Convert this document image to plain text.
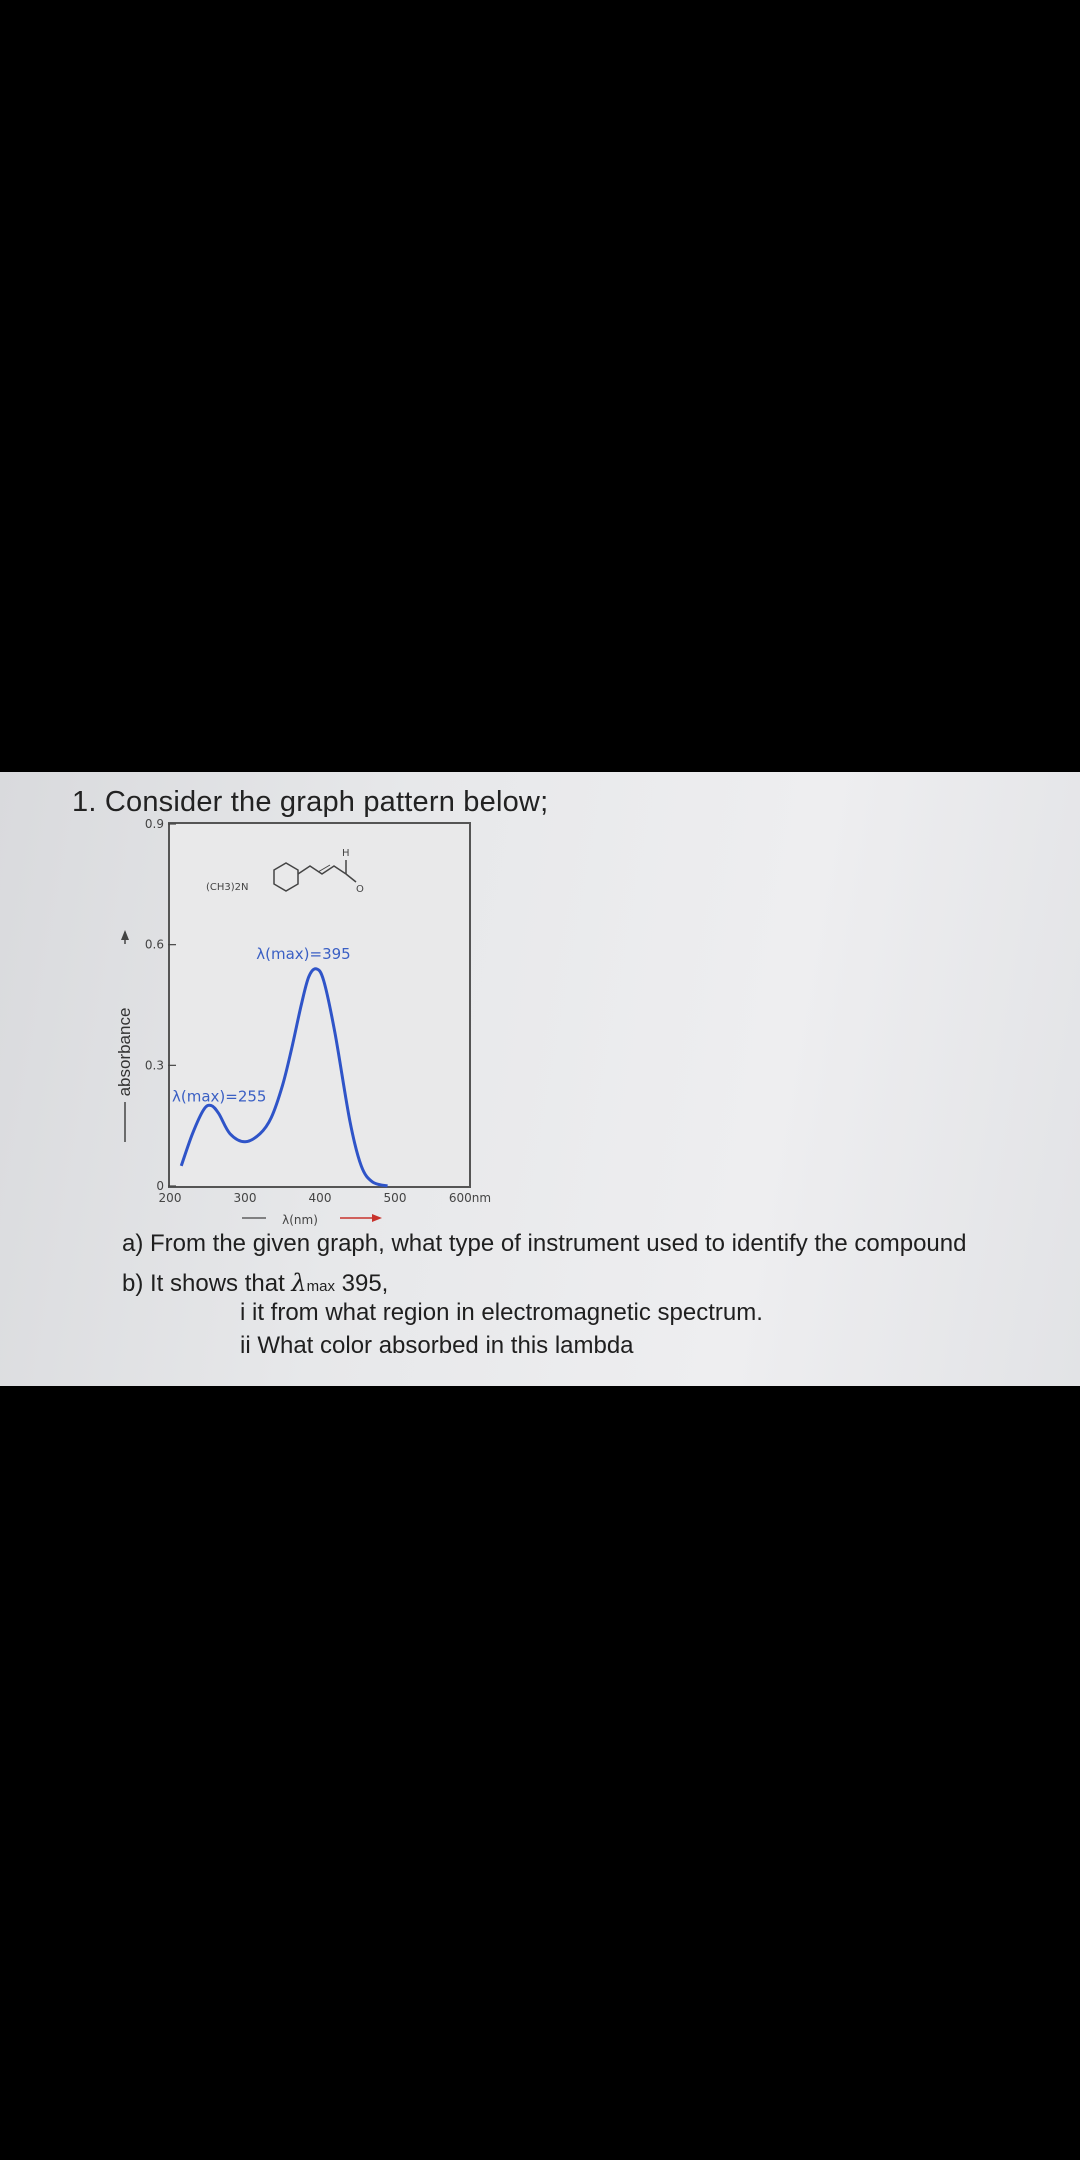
1. Consider the graph pattern below;
0
0.3
0.6
0.9
200	300	400	500	600nm
absorbance
λ(nm)
(CH3)2N
H
O
λ(max)=395
λ(max)=255
a) From the given graph, what type of instrument used to identify the compound
b) It shows that λmax 395,
i it from what region in electromagnetic spectrum.
ii What color absorbed in this lambda
